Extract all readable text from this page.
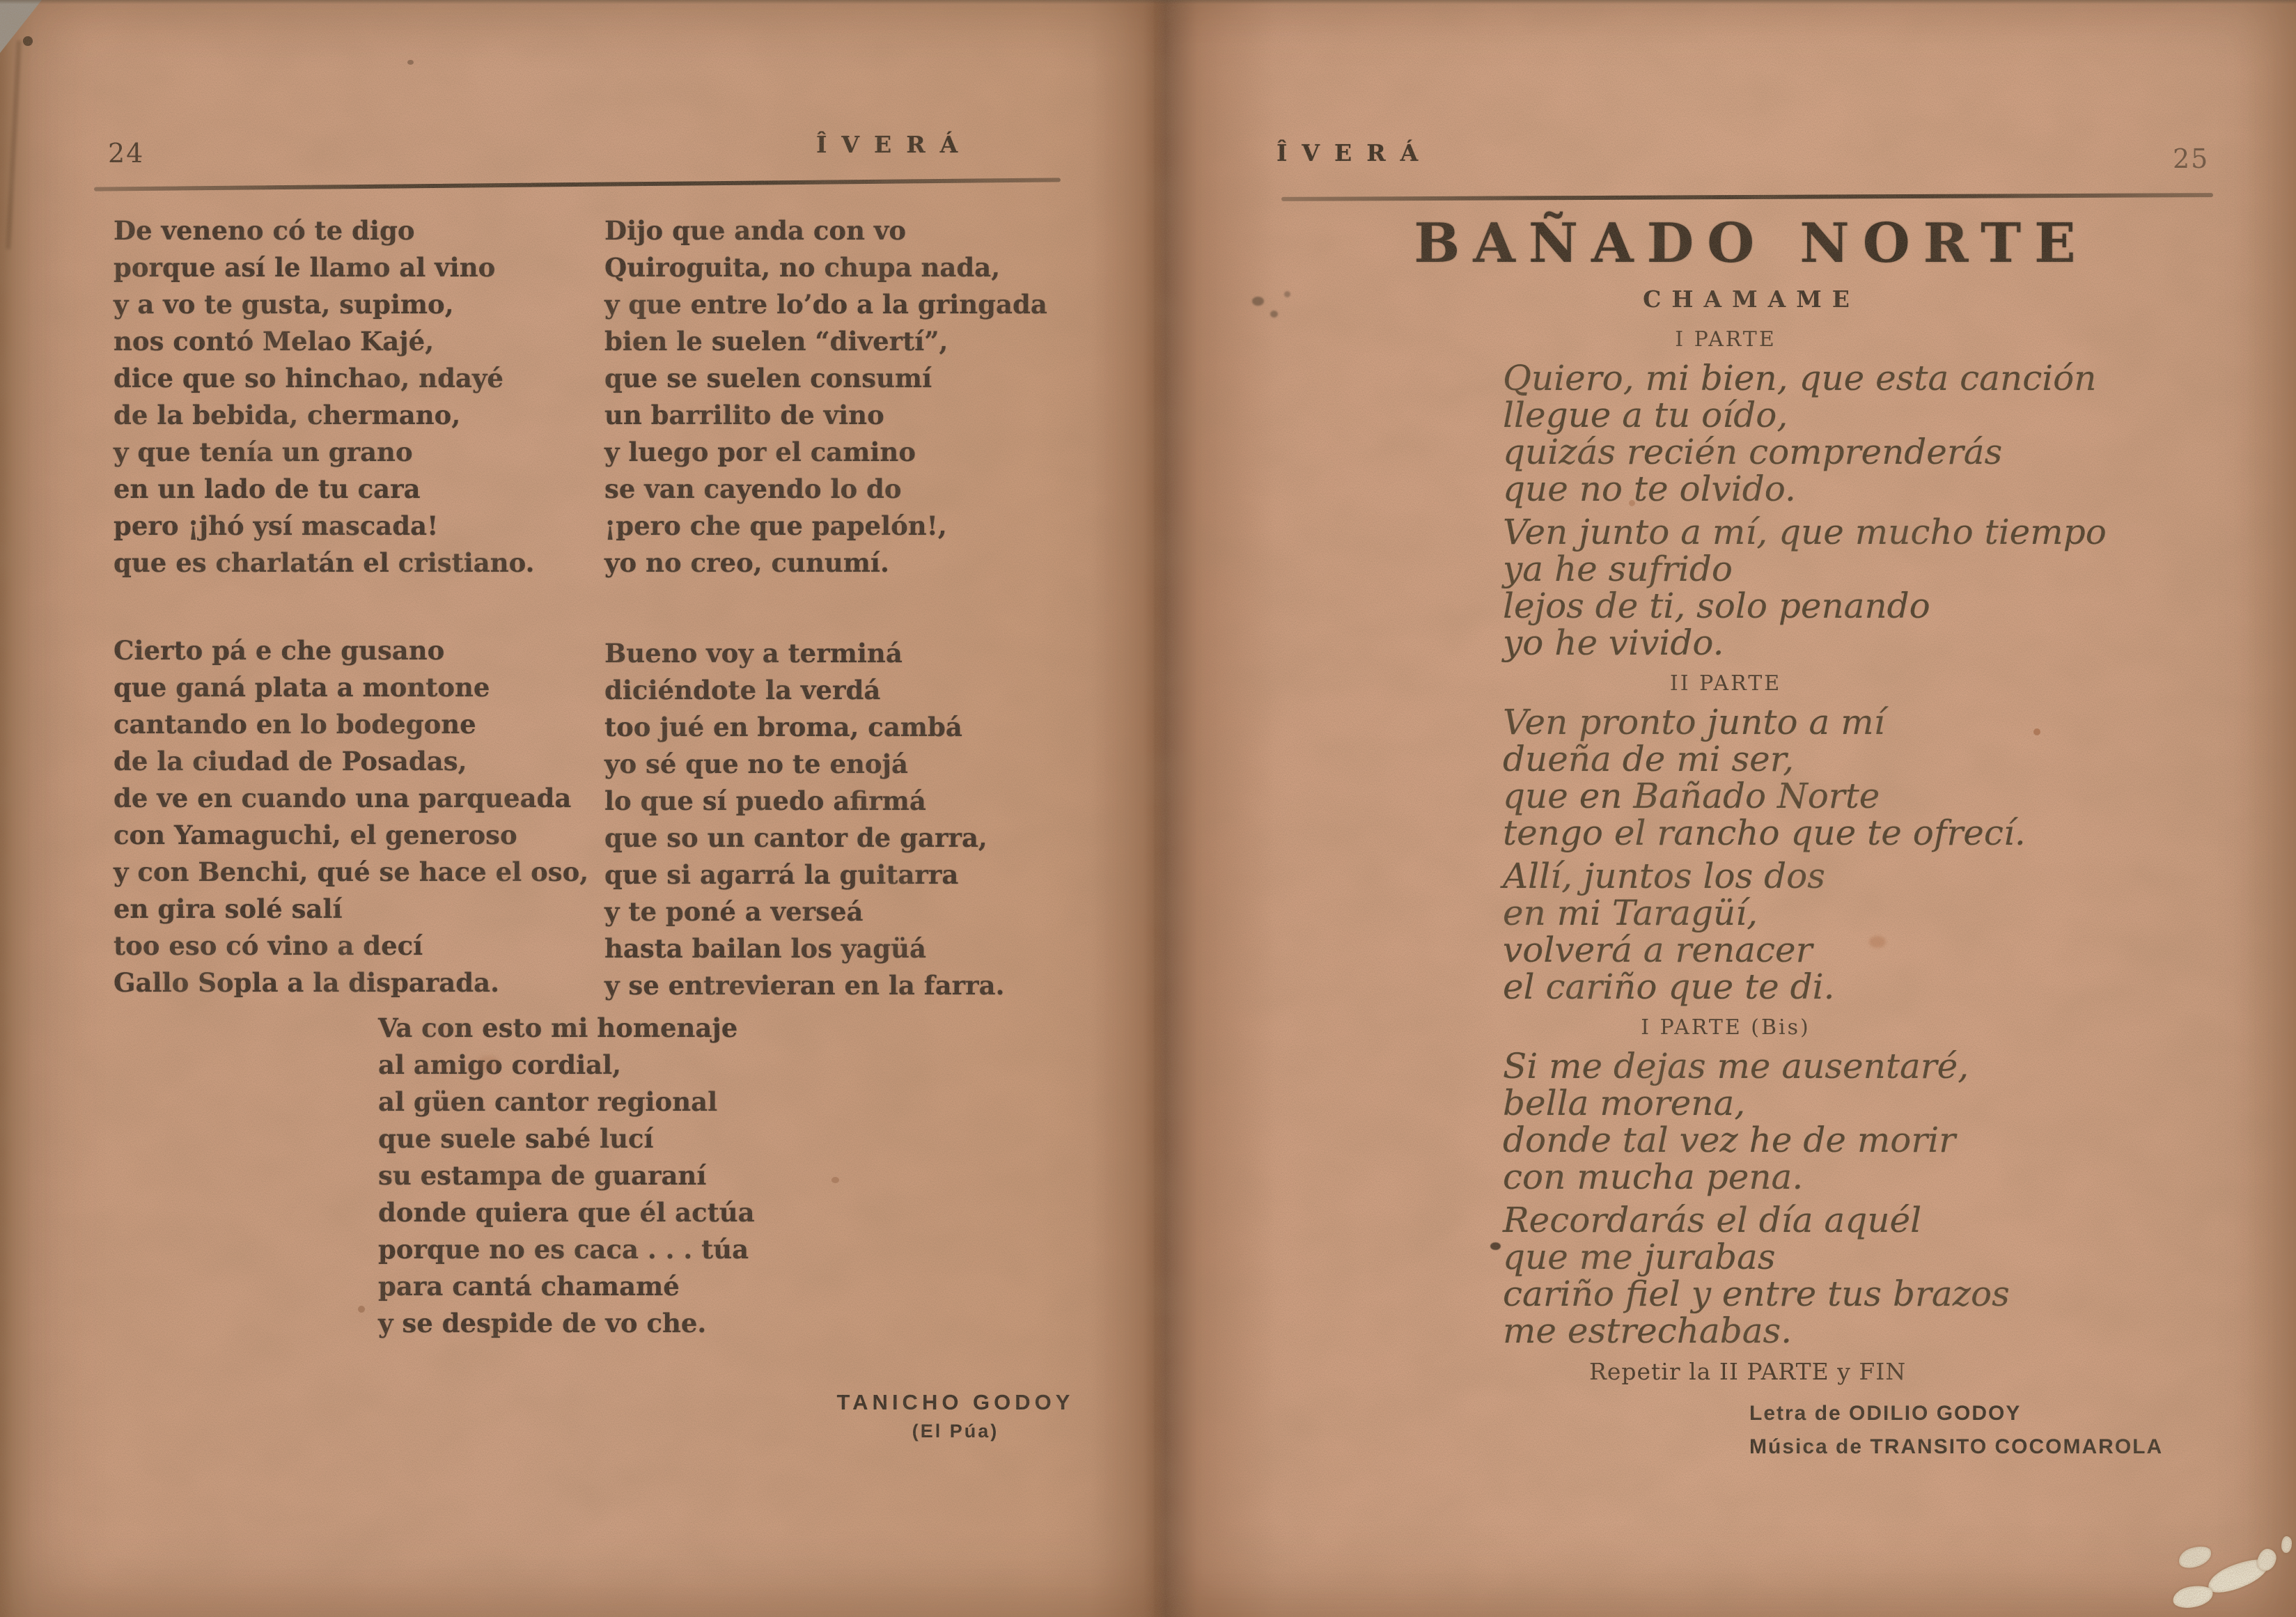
24	ÎVERÁ
De veneno có te digo
porque así le llamo al vino
y a vo te gusta, supimo,
nos contó Melao Kajé,
dice que so hinchao, ndayé
de la bebida, chermano,
y que tenía un grano
en un lado de tu cara
pero ¡jhó ysí mascada!
que es charlatán el cristiano.
Cierto pá e che gusano
que ganá plata a montone
cantando en lo bodegone
de la ciudad de Posadas,
de ve en cuando una parqueada
con Yamaguchi, el generoso
y con Benchi, qué se hace el oso,
en gira solé salí
too eso có vino a decí
Gallo Sopla a la disparada.
Dijo que anda con vo
Quiroguita, no chupa nada,
y que entre lo’do a la gringada
bien le suelen “divertí”,
que se suelen consumí
un barrilito de vino
y luego por el camino
se van cayendo lo do
¡pero che que papelón!,
yo no creo, cunumí.
Bueno voy a terminá
diciéndote la verdá
too jué en broma, cambá
yo sé que no te enojá
lo que sí puedo afirmá
que so un cantor de garra,
que si agarrá la guitarra
y te poné a verseá
hasta bailan los yagüá
y se entrevieran en la farra.
Va con esto mi homenaje
al amigo cordial,
al güen cantor regional
que suele sabé lucí
su estampa de guaraní
donde quiera que él actúa
porque no es caca . . . túa
para cantá chamamé
y se despide de vo che.
TANICHO GODOY
(El Púa)
ÎVERÁ	25
BAÑADO NORTE
CHAMAME
I PARTE
Quiero, mi bien, que esta canción
llegue a tu oído,
quizás recién comprenderás
que no te olvido.
Ven junto a mí, que mucho tiempo
ya he sufrido
lejos de ti, solo penando
yo he vivido.
II PARTE
Ven pronto junto a mí
dueña de mi ser,
que en Bañado Norte
tengo el rancho que te ofrecí.
Allí, juntos los dos
en mi Taragüí,
volverá a renacer
el cariño que te di.
I PARTE (Bis)
Si me dejas me ausentaré,
bella morena,
donde tal vez he de morir
con mucha pena.
Recordarás el día aquél
que me jurabas
cariño fiel y entre tus brazos
me estrechabas.
Repetir la II PARTE y FIN
Letra de ODILIO GODOY
Música de TRANSITO COCOMAROLA
